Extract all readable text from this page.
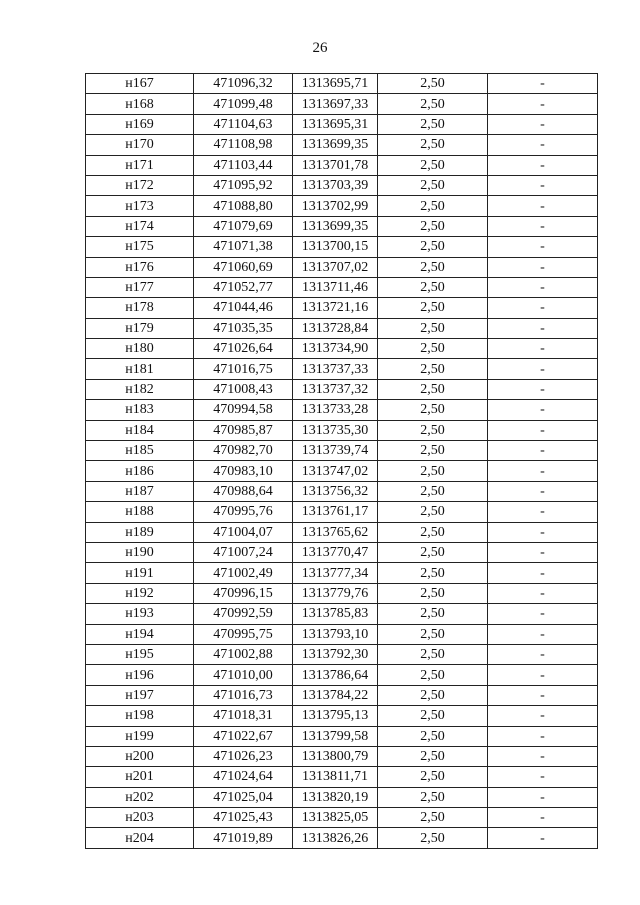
26
н167	471096,32	1313695,71	2,50	-
н168	471099,48	1313697,33	2,50	-
н169	471104,63	1313695,31	2,50	-
н170	471108,98	1313699,35	2,50	-
н171	471103,44	1313701,78	2,50	-
н172	471095,92	1313703,39	2,50	-
н173	471088,80	1313702,99	2,50	-
н174	471079,69	1313699,35	2,50	-
н175	471071,38	1313700,15	2,50	-
н176	471060,69	1313707,02	2,50	-
н177	471052,77	1313711,46	2,50	-
н178	471044,46	1313721,16	2,50	-
н179	471035,35	1313728,84	2,50	-
н180	471026,64	1313734,90	2,50	-
н181	471016,75	1313737,33	2,50	-
н182	471008,43	1313737,32	2,50	-
н183	470994,58	1313733,28	2,50	-
н184	470985,87	1313735,30	2,50	-
н185	470982,70	1313739,74	2,50	-
н186	470983,10	1313747,02	2,50	-
н187	470988,64	1313756,32	2,50	-
н188	470995,76	1313761,17	2,50	-
н189	471004,07	1313765,62	2,50	-
н190	471007,24	1313770,47	2,50	-
н191	471002,49	1313777,34	2,50	-
н192	470996,15	1313779,76	2,50	-
н193	470992,59	1313785,83	2,50	-
н194	470995,75	1313793,10	2,50	-
н195	471002,88	1313792,30	2,50	-
н196	471010,00	1313786,64	2,50	-
н197	471016,73	1313784,22	2,50	-
н198	471018,31	1313795,13	2,50	-
н199	471022,67	1313799,58	2,50	-
н200	471026,23	1313800,79	2,50	-
н201	471024,64	1313811,71	2,50	-
н202	471025,04	1313820,19	2,50	-
н203	471025,43	1313825,05	2,50	-
н204	471019,89	1313826,26	2,50	-
